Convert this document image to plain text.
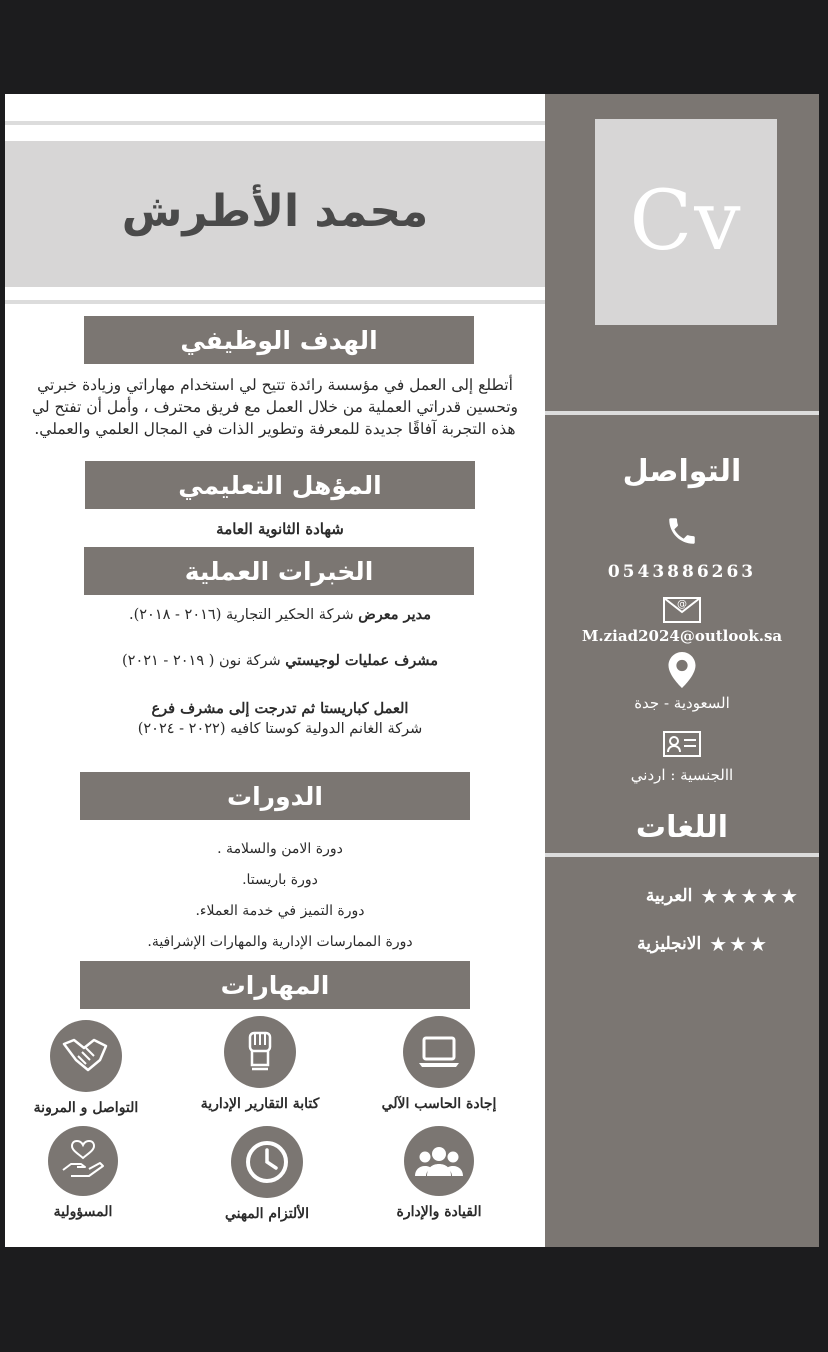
Cv
التواصل
0543886263
@
M.ziad2024@outlook.sa
السعودية - جدة
االجنسية : اردني
اللغات
العربية ★★★★★
الانجليزية ★★★
محمد الأطرش
الهدف الوظيفي
أتطلع إلى العمل في مؤسسة رائدة تتيح لي استخدام مهاراتي وزيادة خبرتي
وتحسين قدراتي العملية من خلال العمل مع فريق محترف ، وأمل أن تفتح لي
هذه التجربة آفاقًا جديدة للمعرفة وتطوير الذات في المجال العلمي والعملي.
المؤهل التعليمي
شهادة الثانوية العامة
الخبرات العملية
مدير معرض شركة الحكير التجارية (٢٠١٦ - ٢٠١٨).
مشرف عمليات لوجيستي شركة نون ( ٢٠١٩ - ٢٠٢١)
العمل كباريستا ثم تدرجت إلى مشرف فرع
شركة الغانم الدولية كوستا كافيه (٢٠٢٢ - ٢٠٢٤)
الدورات
دورة الامن والسلامة .
دورة باريستا.
دورة التميز في خدمة العملاء.
دورة الممارسات الإدارية والمهارات الإشرافية.
المهارات
إجادة الحاسب الآلي
كتابة التقارير الإدارية
التواصل و المرونة
القيادة والإدارة
الألتزام المهني
المسؤولية
